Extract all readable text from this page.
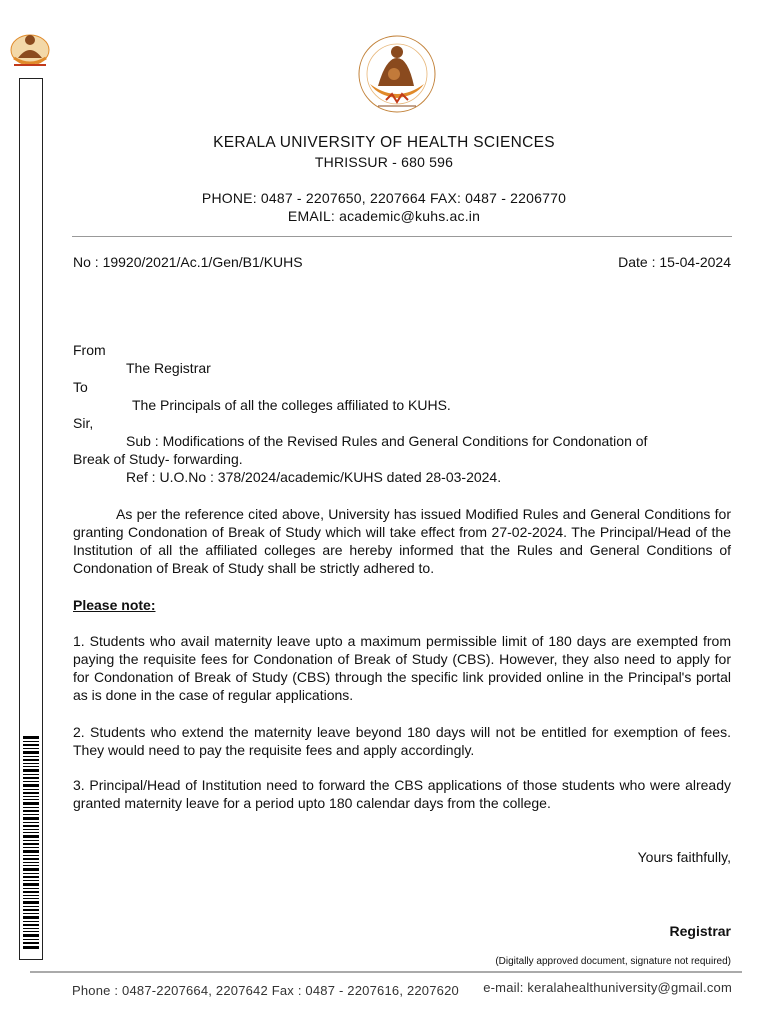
KERALA UNIVERSITY OF HEALTH SCIENCES
THRISSUR - 680 596
PHONE: 0487 - 2207650, 2207664 FAX: 0487 - 2206770
EMAIL: academic@kuhs.ac.in
No : 19920/2021/Ac.1/Gen/B1/KUHS	Date : 15-04-2024
From
The Registrar
To
The Principals of all the colleges affiliated to KUHS.
Sir,
Sub : Modifications of the Revised Rules and General Conditions for Condonation of
Break of Study- forwarding.
Ref : U.O.No : 378/2024/academic/KUHS dated 28-03-2024.
As per the reference cited above, University has issued Modified Rules and General Conditions for granting Condonation of Break of Study which will take effect from 27-02-2024. The Principal/Head of the Institution of all the affiliated colleges are hereby informed that the Rules and General Conditions of Condonation of Break of Study shall be strictly adhered to.
Please note:
1. Students who avail maternity leave upto a maximum permissible limit of 180 days are exempted from paying the requisite fees for Condonation of Break of Study (CBS). However, they also need to apply for for Condonation of Break of Study (CBS) through the specific link provided online in the Principal's portal as is done in the case of regular applications.
2. Students who extend the maternity leave beyond 180 days will not be entitled for exemption of fees. They would need to pay the requisite fees and apply accordingly.
3. Principal/Head of Institution need to forward the CBS applications of those students who were already granted maternity leave for a period upto 180 calendar days from the college.
Yours faithfully,
Registrar
(Digitally approved document, signature not required)
Phone : 0487-2207664, 2207642 Fax : 0487 - 2207616, 2207620	e-mail: keralahealthuniversity@gmail.com
